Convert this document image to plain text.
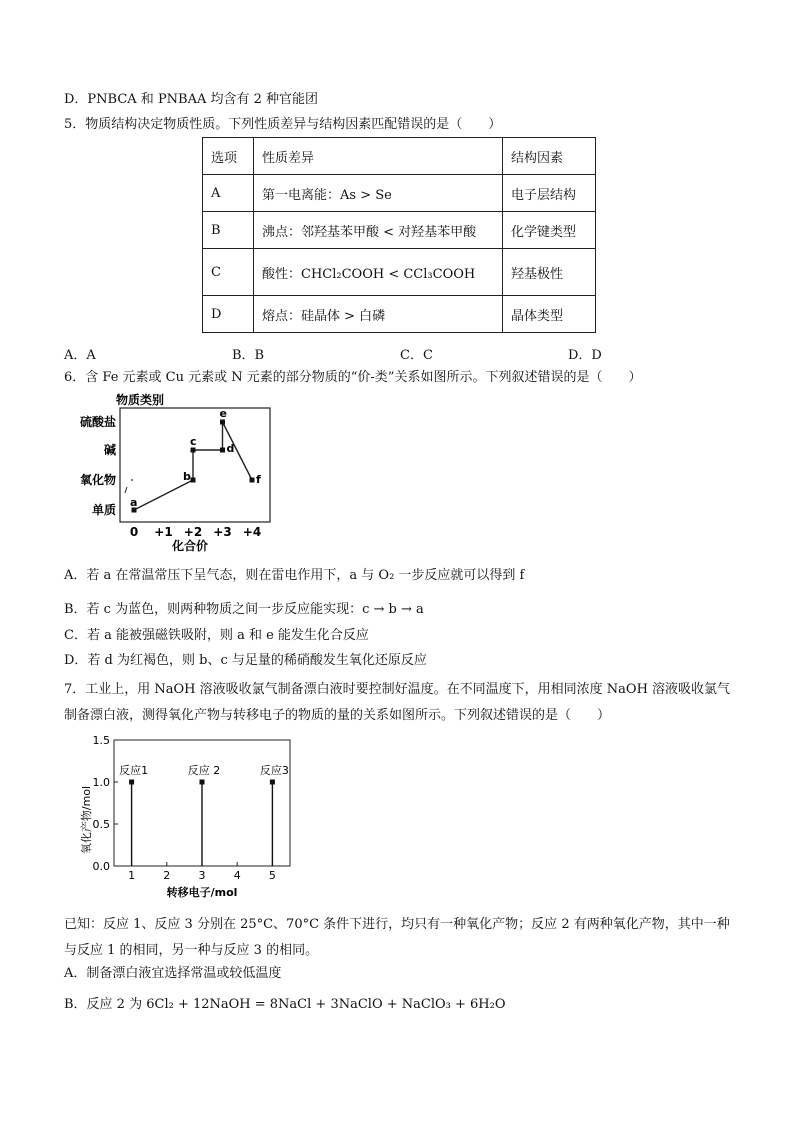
D．PNBCA 和 PNBAA 均含有 2 种官能团
5．物质结构决定物质性质。下列性质差异与结构因素匹配错误的是（　　）
选项	性质差异	结构因素
A	第一电离能：As > Se	电子层结构
B	沸点：邻羟基苯甲酸 < 对羟基苯甲酸	化学键类型
C	酸性：CHCl₂COOH < CCl₃COOH	羟基极性
D	熔点：硅晶体 > 白磷	晶体类型
A．A	B．B	C．C	D．D
6．含 Fe 元素或 Cu 元素或 N 元素的部分物质的“价-类”关系如图所示。下列叙述错误的是（　　）
物质类别
单质
氧化物
碱
硫酸盐
0 +1 +2 +3 +4
a
b
c
d
e
f
化合价
A．若 a 在常温常压下呈气态，则在雷电作用下，a 与 O₂ 一步反应就可以得到 f
B．若 c 为蓝色，则两种物质之间一步反应能实现：c → b → a
C．若 a 能被强磁铁吸附，则 a 和 e 能发生化合反应
D．若 d 为红褐色，则 b、c 与足量的稀硝酸发生氧化还原反应
7．工业上，用 NaOH 溶液吸收氯气制备漂白液时要控制好温度。在不同温度下，用相同浓度 NaOH 溶液吸收氯气制备漂白液，测得氧化产物与转移电子的物质的量的关系如图所示。下列叙述错误的是（　　）
氧化产物/mol
0.0
0.5
1.0
1.5
1	2	3	4	5
反应1	反应 2	反应3
转移电子/mol
已知：反应 1、反应 3 分别在 25°C、70°C 条件下进行，均只有一种氧化产物；反应 2 有两种氧化产物，其中一种与反应 1 的相同，另一种与反应 3 的相同。
A．制备漂白液宜选择常温或较低温度
B．反应 2 为 6Cl₂ + 12NaOH = 8NaCl + 3NaClO + NaClO₃ + 6H₂O
